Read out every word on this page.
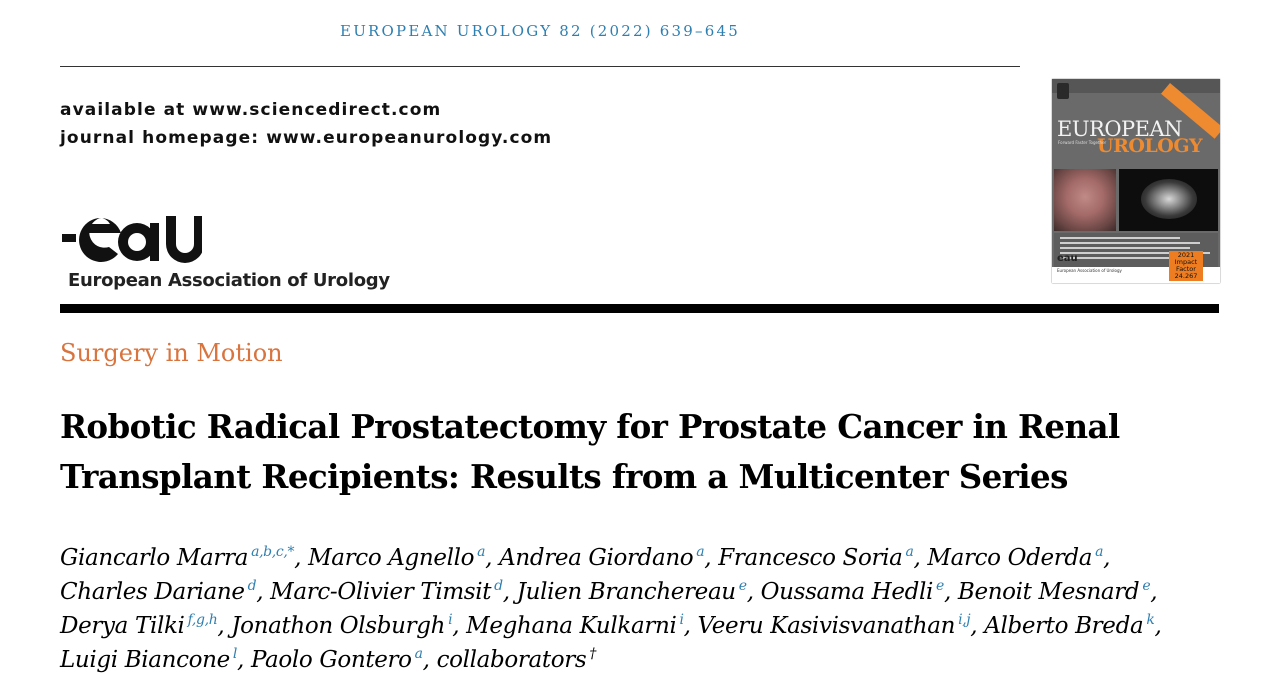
EUROPEAN UROLOGY 82 (2022) 639–645
available at www.sciencedirect.com
journal homepage: www.europeanurology.com
European Association of Urology
EUROPEAN
UROLOGY
Forward Faster Together
eau
European Association of Urology
2021
Impact
Factor
24.267
Surgery in Motion
Robotic Radical Prostatectomy for Prostate Cancer in Renal
Transplant Recipients: Results from a Multicenter Series
Giancarlo Marra $^{a,b,c,*}$, Marco Agnello $^a$, Andrea Giordano $^a$, Francesco Soria $^a$, Marco Oderda $^a$,
Charles Dariane $^d$, Marc-Olivier Timsit $^d$, Julien Branchereau $^e$, Oussama Hedli $^e$, Benoit Mesnard $^e$,
Derya Tilki $^{f,g,h}$, Jonathon Olsburgh $^i$, Meghana Kulkarni $^i$, Veeru Kasivisvanathan $^{i,j}$, Alberto Breda $^k$,
Luigi Biancone $^l$, Paolo Gontero $^a$, collaborators †
